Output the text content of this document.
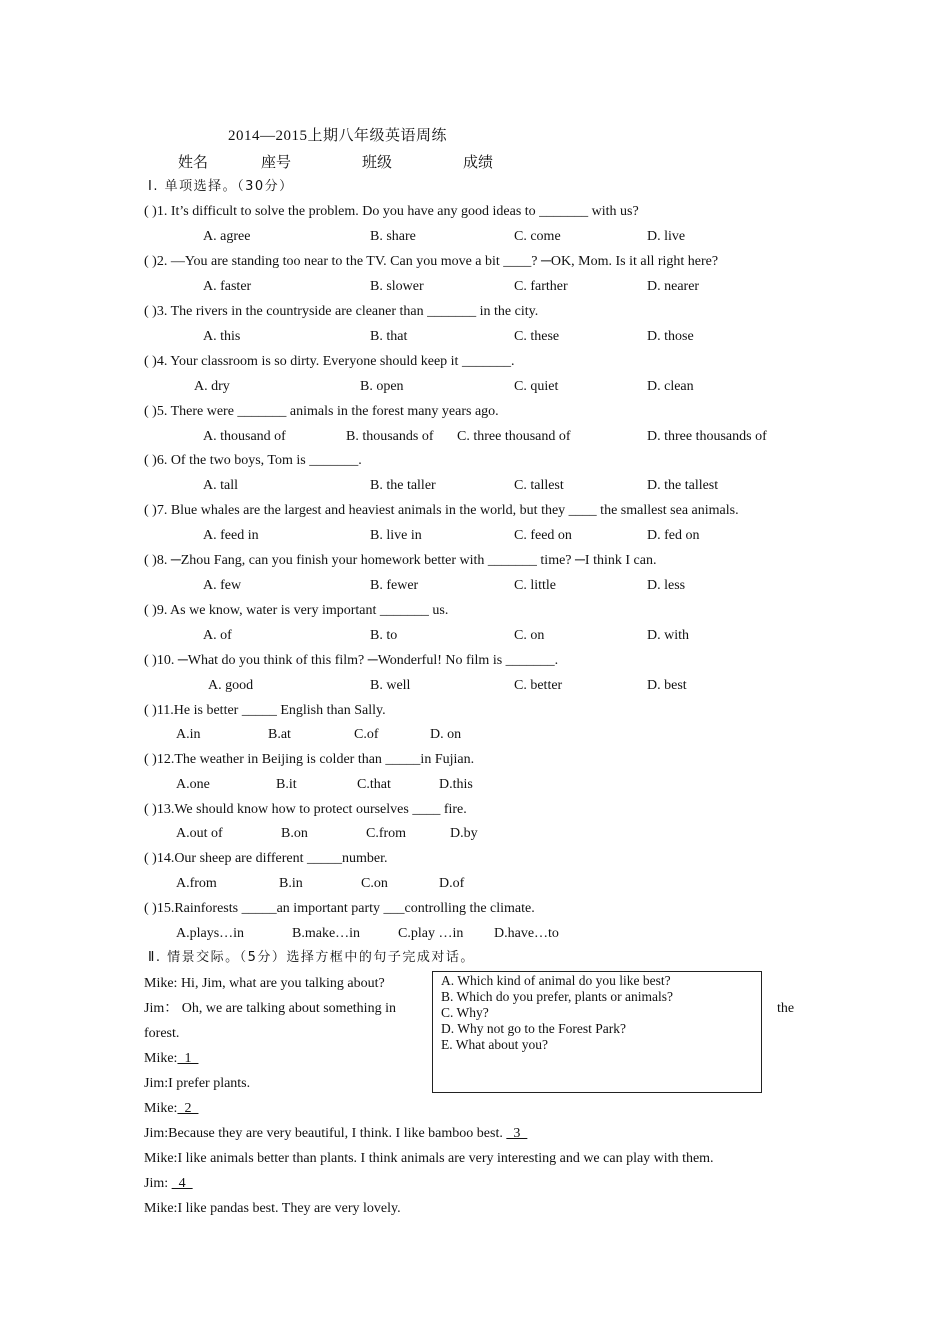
2014—2015上期八年级英语周练
姓名	座号	班级	成绩
Ⅰ. 单项选择。（30分）
( )1. It’s difficult to solve the problem. Do you have any good ideas to _______ with us?
A. agree	B. share	C. come	D. live
( )2. —You are standing too near to the TV. Can you move a bit ____? ─OK, Mom. Is it all right here?
A. faster	B. slower	C. farther	D. nearer
( )3. The rivers in the countryside are cleaner than _______ in the city.
A. this	B. that	C. these	D. those
( )4. Your classroom is so dirty. Everyone should keep it _______.
A. dry	B. open	C. quiet	D. clean
( )5. There were _______ animals in the forest many years ago.
A. thousand of	B. thousands of C. three thousand of	D. three thousands of
( )6. Of the two boys, Tom is _______.
A. tall	B. the taller	C. tallest	D. the tallest
( )7. Blue whales are the largest and heaviest animals in the world, but they ____ the smallest sea animals.
A. feed in	B. live in	C. feed on	D. fed on
( )8. ─Zhou Fang, can you finish your homework better with _______ time? ─I think I can.
A. few	B. fewer	C. little	D. less
( )9. As we know, water is very important _______ us.
A. of	B. to	C. on	D. with
( )10. ─What do you think of this film? ─Wonderful! No film is _______.
A. good	B. well	C. better	D. best
( )11.He is better _____ English than Sally.
A.in	B.at	C.of	D. on
( )12.The weather in Beijing is colder than _____in Fujian.
A.one	B.it	C.that	D.this
( )13.We should know how to protect ourselves ____ fire.
A.out of	B.on	C.from	D.by
( )14.Our sheep are different _____number.
A.from	B.in	C.on	D.of
( )15.Rainforests _____an important party ___controlling the climate.
A.plays…in	B.make…in	C.play …in D.have…to
Ⅱ. 情景交际。（5分）选择方框中的句子完成对话。
A. Which kind of animal do you like best?
B. Which do you prefer, plants or animals?
C. Why?
D. Why not go to the Forest Park?
E. What about you?
Mike: Hi, Jim, what are you talking about?
Jim： Oh, we are talking about something in	the
forest.
Mike:  1
Jim:I prefer plants.
Mike:  2
Jim:Because they are very beautiful, I think. I like bamboo best.   3
Mike:I like animals better than plants. I think animals are very interesting and we can play with them.
Jim:   4
Mike:I like pandas best. They are very lovely.
